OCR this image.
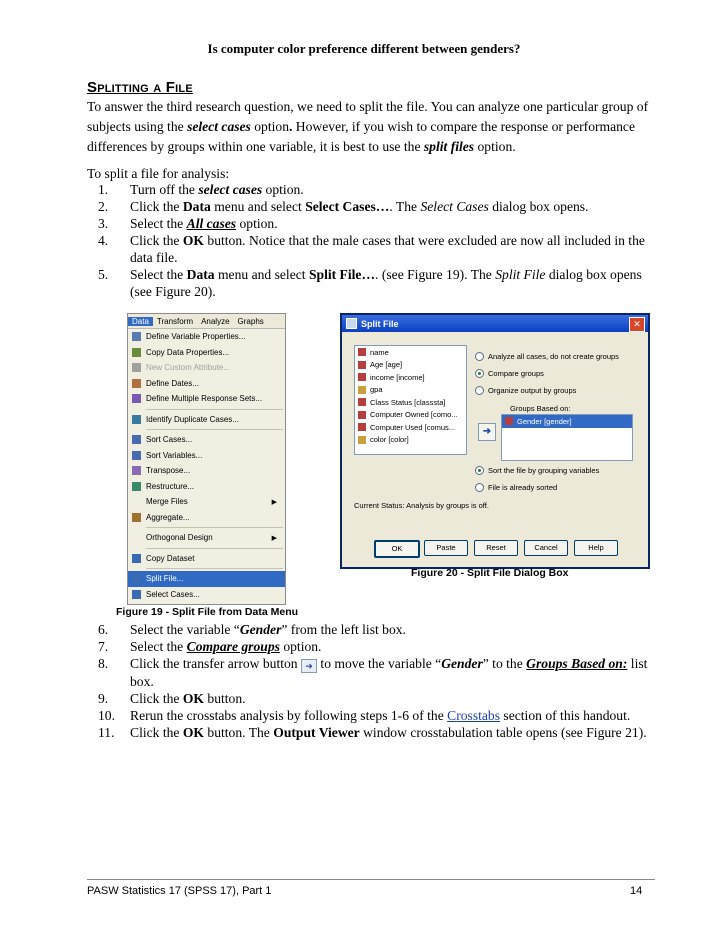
Is computer color preference different between genders?
Splitting a File
To answer the third research question, we need to split the file. You can analyze one particular group of subjects using the select cases option. However, if you wish to compare the response or performance differences by groups within one variable, it is best to use the split files option.
To split a file for analysis:
1.	Turn off the select cases option.
2.	Click the Data menu and select Select Cases…. The Select Cases dialog box opens.
3.	Select the All cases option.
4.	Click the OK button. Notice that the male cases that were excluded are now all included in the data file.
5.	Select the Data menu and select Split File…. (see Figure 19). The Split File dialog box opens (see Figure 20).
Data	Transform	Analyze	Graphs
Define Variable Properties...
Copy Data Properties...
New Custom Attribute...
Define Dates...
Define Multiple Response Sets...
Identify Duplicate Cases...
Sort Cases...
Sort Variables...
Transpose...
Restructure...
Merge Files	▶
Aggregate...
Orthogonal Design	▶
Copy Dataset
Split File...
Select Cases...
Split File	✕
name
Age [age]
income [income]
gpa
Class Status [classsta]
Computer Owned [como...
Computer Used [comus...
color [color]
Analyze all cases, do not create groups
Compare groups
Organize output by groups
Groups Based on:
➜
Gender [gender]
Sort the file by grouping variables
File is already sorted
Current Status: Analysis by groups is off.
OK	Paste	Reset	Cancel	Help
Figure 20 - Split File Dialog Box
Figure 19 - Split File from Data Menu
6.	Select the variable “Gender” from the left list box.
7.	Select the Compare groups option.
8.	Click the transfer arrow button ➜ to move the variable “Gender” to the Groups Based on: list box.
9.	Click the OK button.
10.	Rerun the crosstabs analysis by following steps 1-6 of the Crosstabs section of this handout.
11.	Click the OK button. The Output Viewer window crosstabulation table opens (see Figure 21).
PASW Statistics 17 (SPSS 17), Part 1	14
